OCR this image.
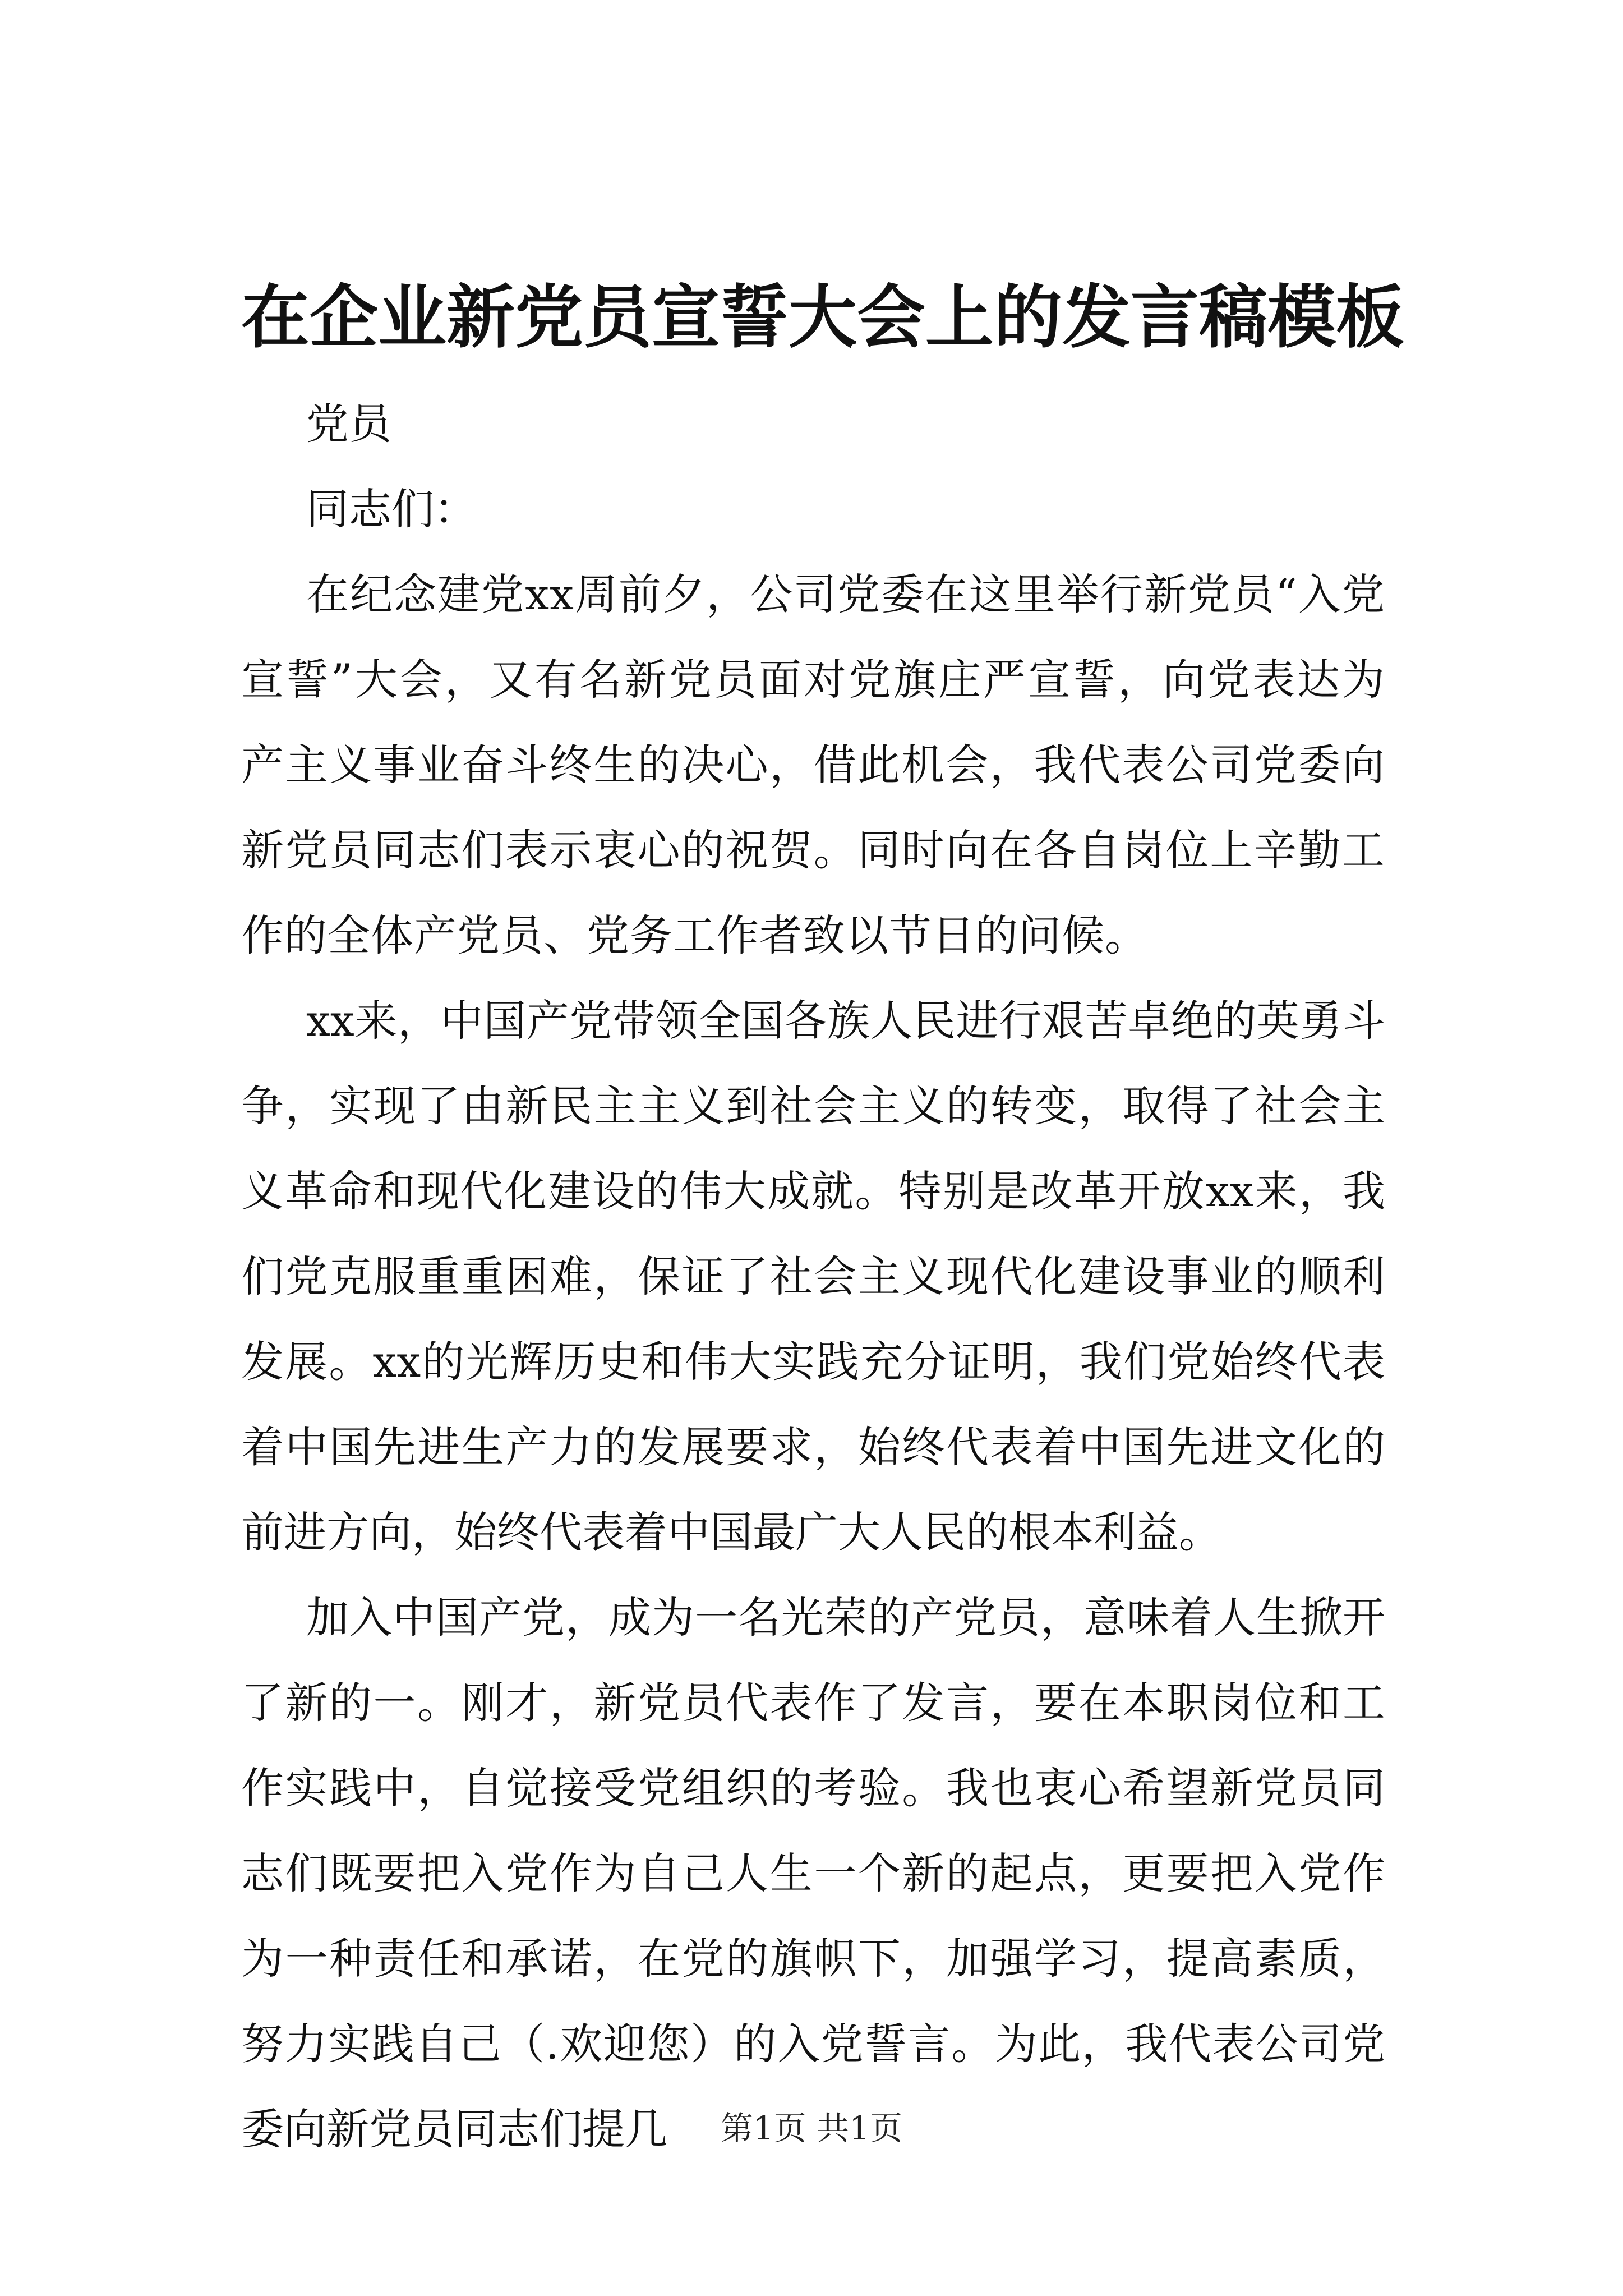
在企业新党员宣誓大会上的发言稿模板
党员
同志们：

在纪念建党xx周前夕，公司党委在这里举行新党员“入党宣誓”大会，又有名新党员面对党旗庄严宣誓，向党表达为产主义事业奋斗终生的决心，借此机会，我代表公司党委向新党员同志们表示衷心的祝贺。同时向在各自岗位上辛勤工作的全体产党员、党务工作者致以节日的问候。

xx来，中国产党带领全国各族人民进行艰苦卓绝的英勇斗争，实现了由新民主主义到社会主义的转变，取得了社会主义革命和现代化建设的伟大成就。特别是改革开放xx来，我们党克服重重困难，保证了社会主义现代化建设事业的顺利发展。xx的光辉历史和伟大实践充分证明，我们党始终代表着中国先进生产力的发展要求，始终代表着中国先进文化的前进方向，始终代表着中国最广大人民的根本利益。

加入中国产党，成为一名光荣的产党员，意味着人生掀开了新的一。刚才，新党员代表作了发言，要在本职岗位和工作实践中，自觉接受党组织的考验。我也衷心希望新党员同志们既要把入党作为自己人生一个新的起点，更要把入党作为一种责任和承诺，在党的旗帜下，加强学习，提高素质，努力实践自己（.欢迎您）的入党誓言。为此，我代表公司党委向新党员同志们提几	第1页 共1页
